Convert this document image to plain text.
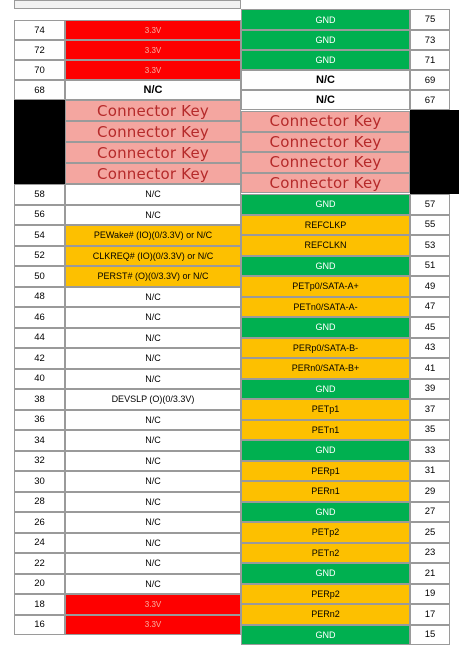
74	3.3V
72	3.3V
70	3.3V
68	N/C
Connector Key
Connector Key
Connector Key
Connector Key
58	N/C
56	N/C
54	PEWake# (IO)(0/3.3V) or N/C
52	CLKREQ# (IO)(0/3.3V) or N/C
50	PERST# (O)(0/3.3V) or N/C
48	N/C
46	N/C
44	N/C
42	N/C
40	N/C
38	DEVSLP (O)(0/3.3V)
36	N/C
34	N/C
32	N/C
30	N/C
28	N/C
26	N/C
24	N/C
22	N/C
20	N/C
18	3.3V
16	3.3V
GND	75
GND	73
GND	71
N/C	69
N/C	67
Connector Key
Connector Key
Connector Key
Connector Key
GND	57
REFCLKP	55
REFCLKN	53
GND	51
PETp0/SATA-A+	49
PETn0/SATA-A-	47
GND	45
PERp0/SATA-B-	43
PERn0/SATA-B+	41
GND	39
PETp1	37
PETn1	35
GND	33
PERp1	31
PERn1	29
GND	27
PETp2	25
PETn2	23
GND	21
PERp2	19
PERn2	17
GND	15
